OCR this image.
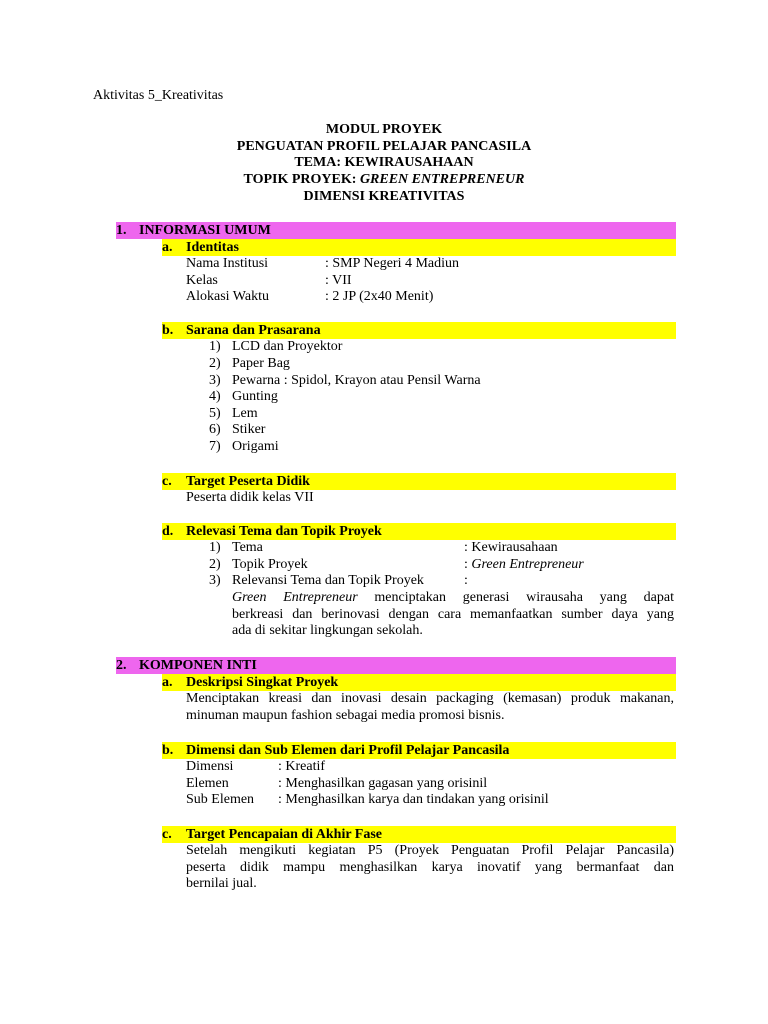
Aktivitas 5_Kreativitas
MODUL PROYEK
PENGUATAN PROFIL PELAJAR PANCASILA
TEMA: KEWIRAUSAHAAN
TOPIK PROYEK: GREEN ENTREPRENEUR
DIMENSI KREATIVITAS
1. INFORMASI UMUM
a. Identitas
Nama Institusi	: SMP Negeri 4 Madiun
Kelas	: VII
Alokasi Waktu	: 2 JP (2x40 Menit)
b. Sarana dan Prasarana
1) LCD dan Proyektor
2) Paper Bag
3) Pewarna : Spidol, Krayon atau Pensil Warna
4) Gunting
5) Lem
6) Stiker
7) Origami
c. Target Peserta Didik
Peserta didik kelas VII
d. Relevasi Tema dan Topik Proyek
1) Tema	: Kewirausahaan
2) Topik Proyek	: Green Entrepreneur
3) Relevansi Tema dan Topik Proyek	:
Green Entrepreneur menciptakan generasi wirausaha yang dapat
berkreasi dan berinovasi dengan cara memanfaatkan sumber daya yang
ada di sekitar lingkungan sekolah.
2. KOMPONEN INTI
a. Deskripsi Singkat Proyek
Menciptakan kreasi dan inovasi desain packaging (kemasan) produk makanan,
minuman maupun fashion sebagai media promosi bisnis.
b. Dimensi dan Sub Elemen dari Profil Pelajar Pancasila
Dimensi	: Kreatif
Elemen	: Menghasilkan gagasan yang orisinil
Sub Elemen : Menghasilkan karya dan tindakan yang orisinil
c. Target Pencapaian di Akhir Fase
Setelah mengikuti kegiatan P5 (Proyek Penguatan Profil Pelajar Pancasila)
peserta didik mampu menghasilkan karya inovatif yang bermanfaat dan
bernilai jual.
